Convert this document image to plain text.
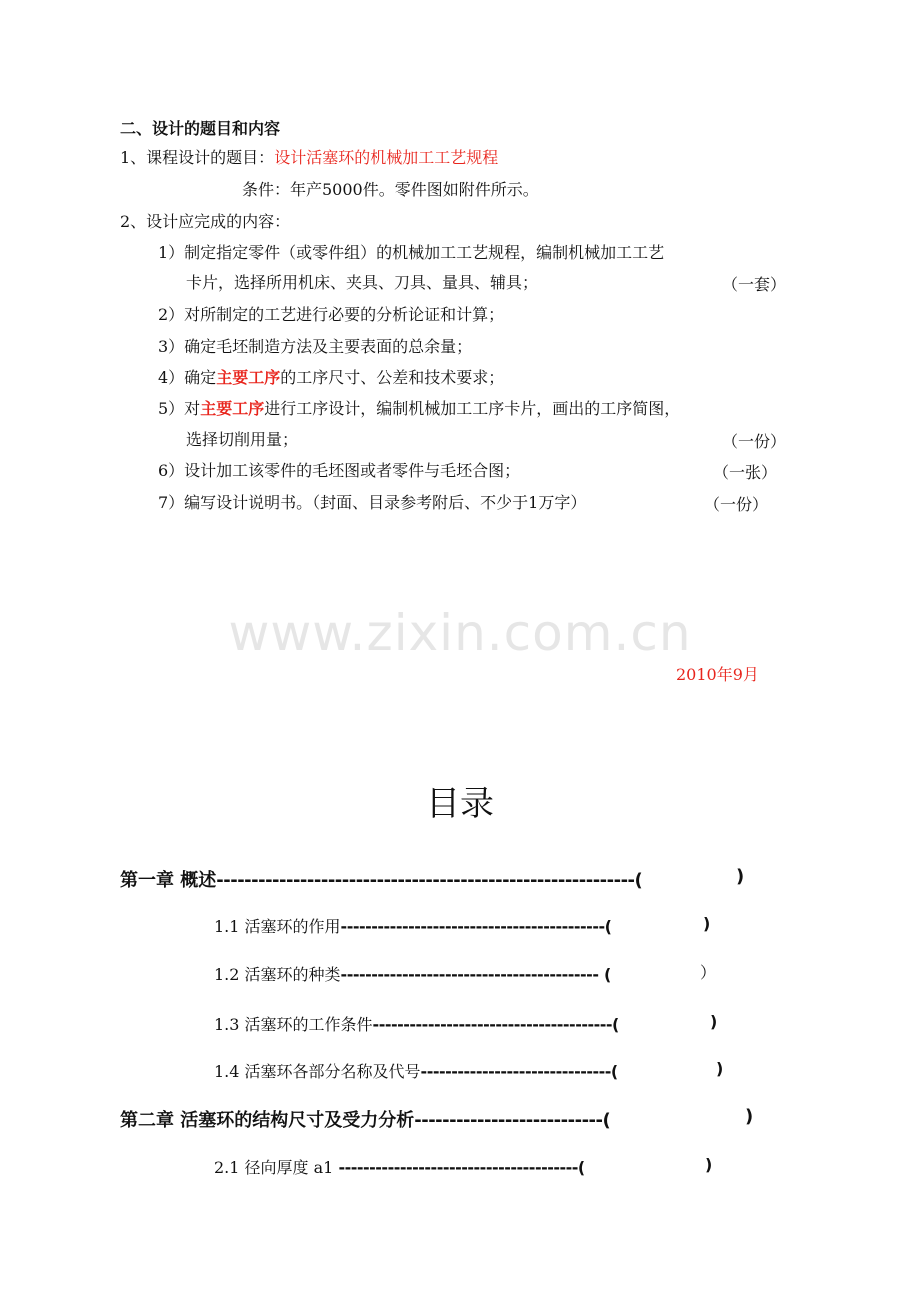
二、设计的题目和内容
1、课程设计的题目：设计活塞环的机械加工工艺规程
条件：年产5000件。零件图如附件所示。
2、设计应完成的内容：
1）制定指定零件（或零件组）的机械加工工艺规程，编制机械加工工艺
卡片，选择所用机床、夹具、刀具、量具、辅具；	（一套）
2）对所制定的工艺进行必要的分析论证和计算；
3）确定毛坯制造方法及主要表面的总余量；
4）确定主要工序的工序尺寸、公差和技术要求；
5）对主要工序进行工序设计，编制机械加工工序卡片，画出的工序简图，
选择切削用量；	（一份）
6）设计加工该零件的毛坯图或者零件与毛坯合图；	（一张）
7）编写设计说明书。（封面、目录参考附后、不少于1万字）	（一份）
www.zixin.com.cn
2010年9月
目录
第一章 概述------------------------------------------------------------(	)
1.1 活塞环的作用-------------------------------------------(	)
1.2 活塞环的种类------------------------------------------ (	）
1.3 活塞环的工作条件---------------------------------------(	)
1.4 活塞环各部分名称及代号-------------------------------(	)
第二章 活塞环的结构尺寸及受力分析---------------------------(	)
2.1 径向厚度 a1 ---------------------------------------(	)
